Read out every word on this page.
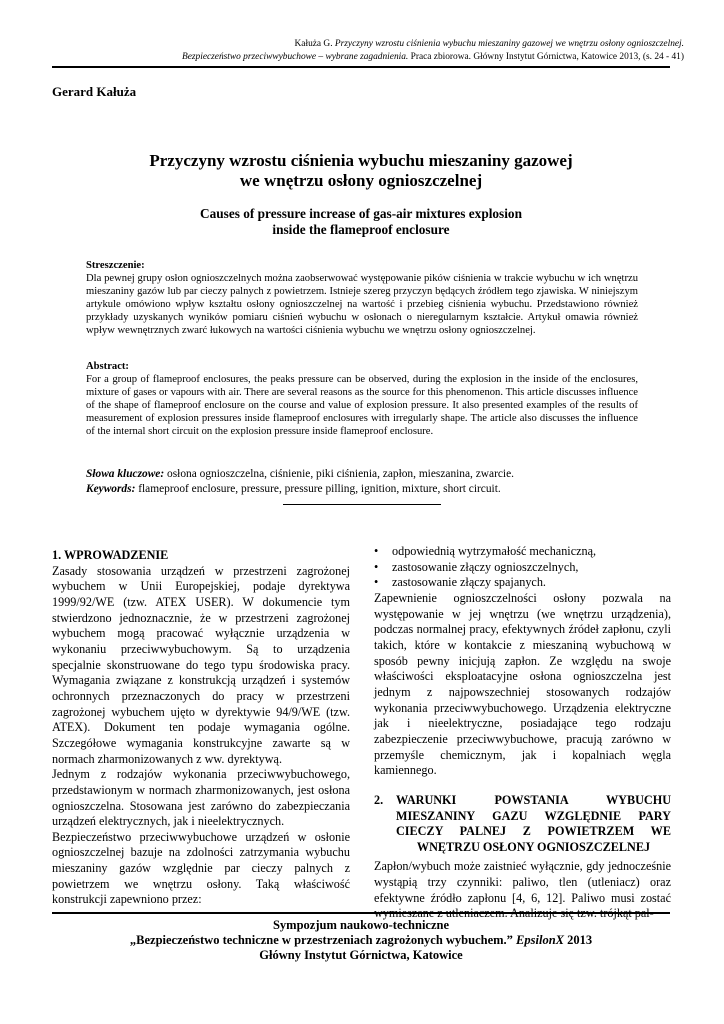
Kałuża G. Przyczyny wzrostu ciśnienia wybuchu mieszaniny gazowej we wnętrzu osłony ognioszczelnej.
Bezpieczeństwo przeciwwybuchowe – wybrane zagadnienia. Praca zbiorowa. Główny Instytut Górnictwa, Katowice 2013, (s. 24 - 41)
Gerard Kałuża
Przyczyny wzrostu ciśnienia wybuchu mieszaniny gazowej
we wnętrzu osłony ognioszczelnej
Causes of pressure increase of gas-air mixtures explosion
inside the flameproof enclosure
Streszczenie:
Dla pewnej grupy osłon ognioszczelnych można zaobserwować występowanie pików ciśnienia w trakcie wybuchu w ich wnętrzu mieszaniny gazów lub par cieczy palnych z powietrzem. Istnieje szereg przyczyn będących źródłem tego zjawiska. W niniejszym artykule omówiono wpływ kształtu osłony ognioszczelnej na wartość i przebieg ciśnienia wybuchu. Przedstawiono również przykłady uzyskanych wyników pomiaru ciśnień wybuchu w osłonach o nieregularnym kształcie. Artykuł omawia również wpływ wewnętrznych zwarć łukowych na wartości ciśnienia wybuchu we wnętrzu osłony ognioszczelnej.
Abstract:
For a group of flameproof enclosures, the peaks pressure can be observed, during the explosion in the inside of the enclosures, mixture of gases or vapours with air. There are several reasons as the source for this phenomenon. This article discusses influence of the shape of flameproof enclosure on the course and value of explosion pressure. It also presented examples of the results of measurement of explosion pressures inside flameproof enclosures with irregularly shape. The article also discusses the influence of the internal short circuit on the explosion pressure inside flameproof enclosure.
Słowa kluczowe: osłona ognioszczelna, ciśnienie, piki ciśnienia, zapłon, mieszanina, zwarcie.
Keywords: flameproof enclosure, pressure, pressure pilling, ignition, mixture, short circuit.

1. WPROWADZENIE

Zasady stosowania urządzeń w przestrzeni zagrożonej wybuchem w Unii Europejskiej, podaje dyrektywa 1999/92/WE (tzw. ATEX USER). W dokumencie tym stwierdzono jednoznacznie, że w przestrzeni zagrożonej wybuchem mogą pracować wyłącznie urządzenia w wykonaniu przeciwwybuchowym. Są to urządzenia specjalnie skonstruowane do tego typu środowiska pracy. Wymagania związane z konstrukcją urządzeń i systemów ochronnych przeznaczonych do pracy w przestrzeni zagrożonej wybuchem ujęto w dyrektywie 94/9/WE (tzw. ATEX). Dokument ten podaje wymagania ogólne. Szczegółowe wymagania konstrukcyjne zawarte są w normach zharmonizowanych z ww. dyrektywą.

Jednym z rodzajów wykonania przeciwwybuchowego, przedstawionym w normach zharmonizowanych, jest osłona ognioszczelna. Stosowana jest zarówno do zabezpieczania urządzeń elektrycznych, jak i nieelektrycznych.

Bezpieczeństwo przeciwwybuchowe urządzeń w osłonie ognioszczelnej bazuje na zdolności zatrzymania wybuchu mieszaniny gazów względnie par cieczy palnych z powietrzem we wnętrzu osłony. Taką właściwość konstrukcji zapewniono przez:

• odpowiednią wytrzymałość mechaniczną,
• zastosowanie złączy ognioszczelnych,
• zastosowanie złączy spajanych.

Zapewnienie ognioszczelności osłony pozwala na występowanie w jej wnętrzu (we wnętrzu urządzenia), podczas normalnej pracy, efektywnych źródeł zapłonu, czyli takich, które w kontakcie z mieszaniną wybuchową w sposób pewny inicjują zapłon. Ze względu na swoje właściwości eksploatacyjne osłona ognioszczelna jest jednym z najpowszechniej stosowanych rodzajów wykonania przeciwwybuchowego. Urządzenia elektryczne jak i nieelektryczne, posiadające tego rodzaju zabezpieczenie przeciwwybuchowe, pracują zarówno w przemyśle chemicznym, jak i kopalniach węgla kamiennego.

2.	WARUNKI POWSTANIA WYBUCHU MIESZANINY GAZU WZGLĘDNIE PARY CIECZY PALNEJ Z POWIETRZEM WE WNĘTRZU OSŁONY OGNIOSZCZELNEJ

Zapłon/wybuch może zaistnieć wyłącznie, gdy jednocześnie wystąpią trzy czynniki: paliwo, tlen (utleniacz) oraz efektywne źródło zapłonu [4, 6, 12]. Paliwo musi zostać

Sympozjum naukowo-techniczne
„Bezpieczeństwo techniczne w przestrzeniach zagrożonych wybuchem.” EpsilonX 2013
Główny Instytut Górnictwa, Katowice
